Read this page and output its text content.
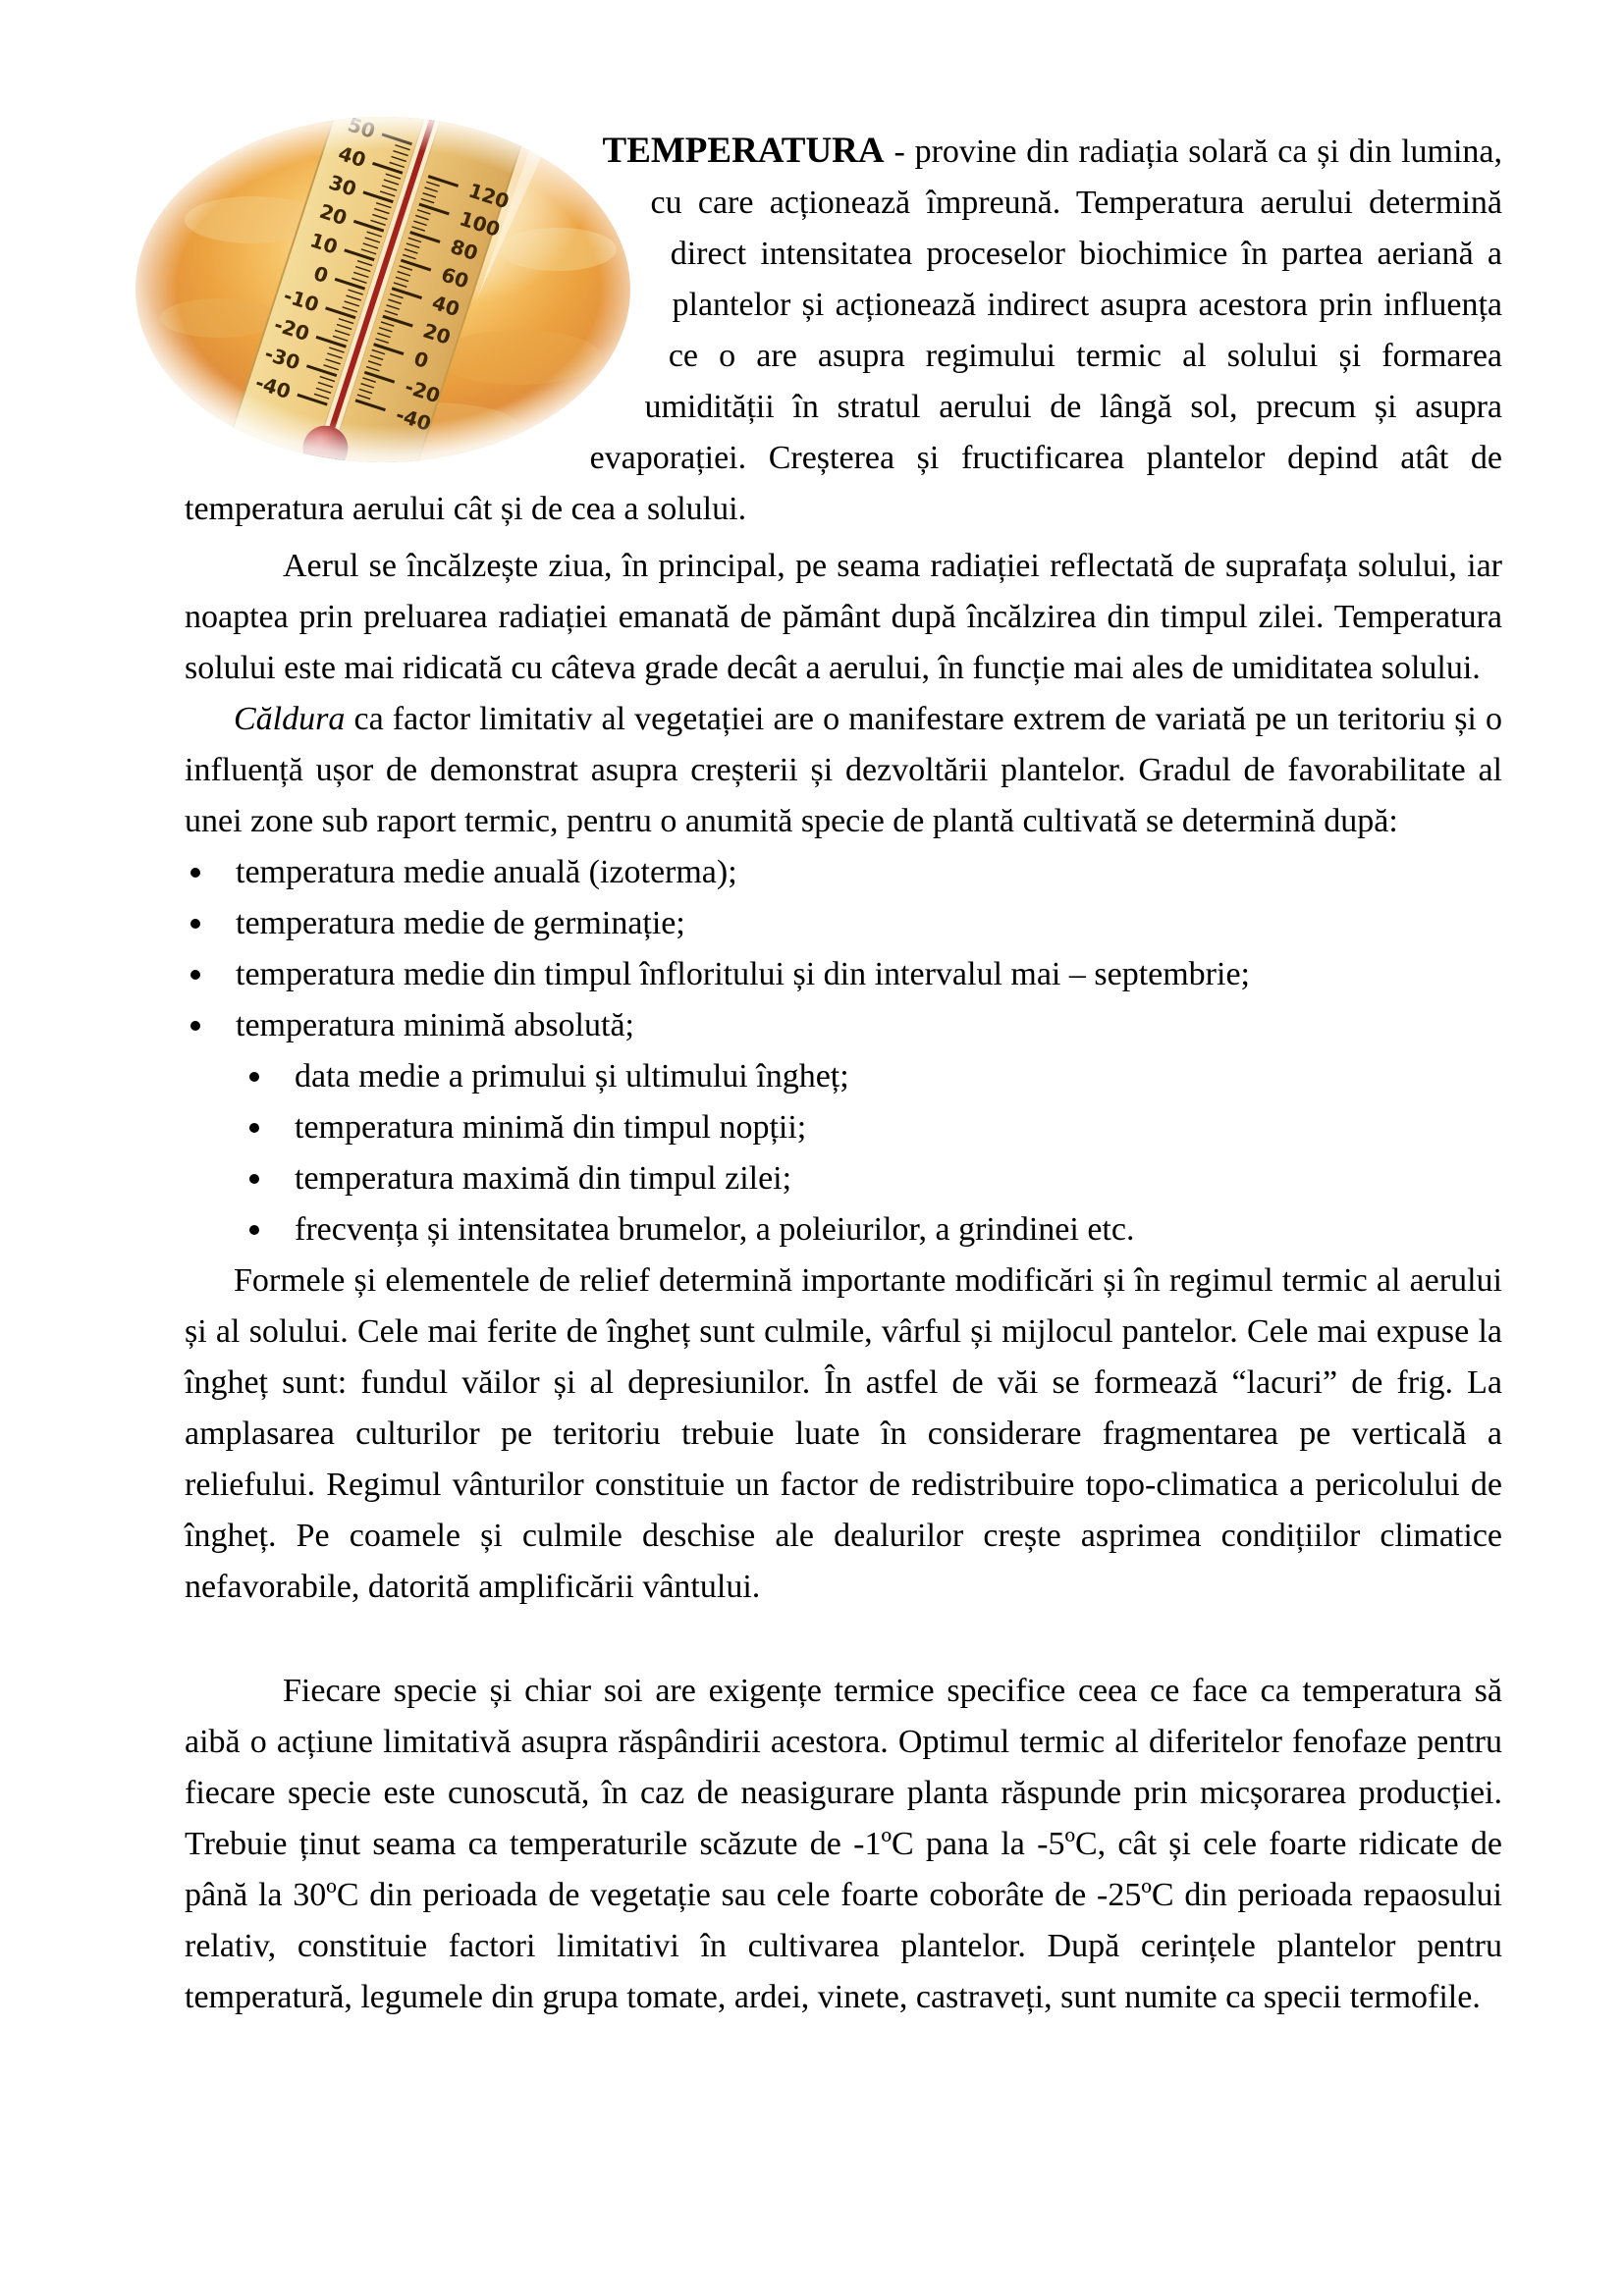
TEMPERATURA - provine din radiația solară ca și din lumina, cu care acționează împreună. Temperatura aerului determină direct intensitatea proceselor biochimice în partea aeriană a plantelor și acționează indirect asupra acestora prin influența ce o are asupra regimului termic al solului și formarea umidității în stratul aerului de lângă sol, precum și asupra evaporației. Creșterea și fructificarea plantelor depind atât de temperatura aerului cât și de cea a solului.

Aerul se încălzește ziua, în principal, pe seama radiației reflectată de suprafața solului, iar noaptea prin preluarea radiației emanată de pământ după încălzirea din timpul zilei. Temperatura solului este mai ridicată cu câteva grade decât a aerului, în funcție mai ales de umiditatea solului.

Căldura ca factor limitativ al vegetației are o manifestare extrem de variată pe un teritoriu și o influență ușor de demonstrat asupra creșterii și dezvoltării plantelor. Gradul de favorabilitate al unei zone sub raport termic, pentru o anumită specie de plantă cultivată se determină după:

temperatura medie anuală (izoterma);
temperatura medie de germinație;
temperatura medie din timpul înfloritului și din intervalul mai – septembrie;
temperatura minimă absolută;
data medie a primului și ultimului îngheț;
temperatura minimă din timpul nopții;
temperatura maximă din timpul zilei;
frecvența și intensitatea brumelor, a poleiurilor, a grindinei etc.

Formele și elementele de relief determină importante modificări și în regimul termic al aerului și al solului. Cele mai ferite de îngheț sunt culmile, vârful și mijlocul pantelor. Cele mai expuse la îngheț sunt: fundul văilor și al depresiunilor. În astfel de văi se formează “lacuri” de frig. La amplasarea culturilor pe teritoriu trebuie luate în considerare fragmentarea pe verticală a reliefului. Regimul vânturilor constituie un factor de redistribuire topo-climatica a pericolului de îngheț. Pe coamele și culmile deschise ale dealurilor crește asprimea condițiilor climatice nefavorabile, datorită amplificării vântului.

Fiecare specie și chiar soi are exigențe termice specifice ceea ce face ca temperatura să aibă o acțiune limitativă asupra răspândirii acestora. Optimul termic al diferitelor fenofaze pentru fiecare specie este cunoscută, în caz de neasigurare planta răspunde prin micșorarea producției. Trebuie ținut seama ca temperaturile scăzute de -1ºC pana la -5ºC, cât și cele foarte ridicate de până la 30ºC din perioada de vegetație sau cele foarte coborâte de -25ºC din perioada repaosului relativ, constituie factori limitativi în cultivarea plantelor. După cerințele plantelor pentru temperatură, legumele din grupa tomate, ardei, vinete, castraveți, sunt numite ca specii termofile.
